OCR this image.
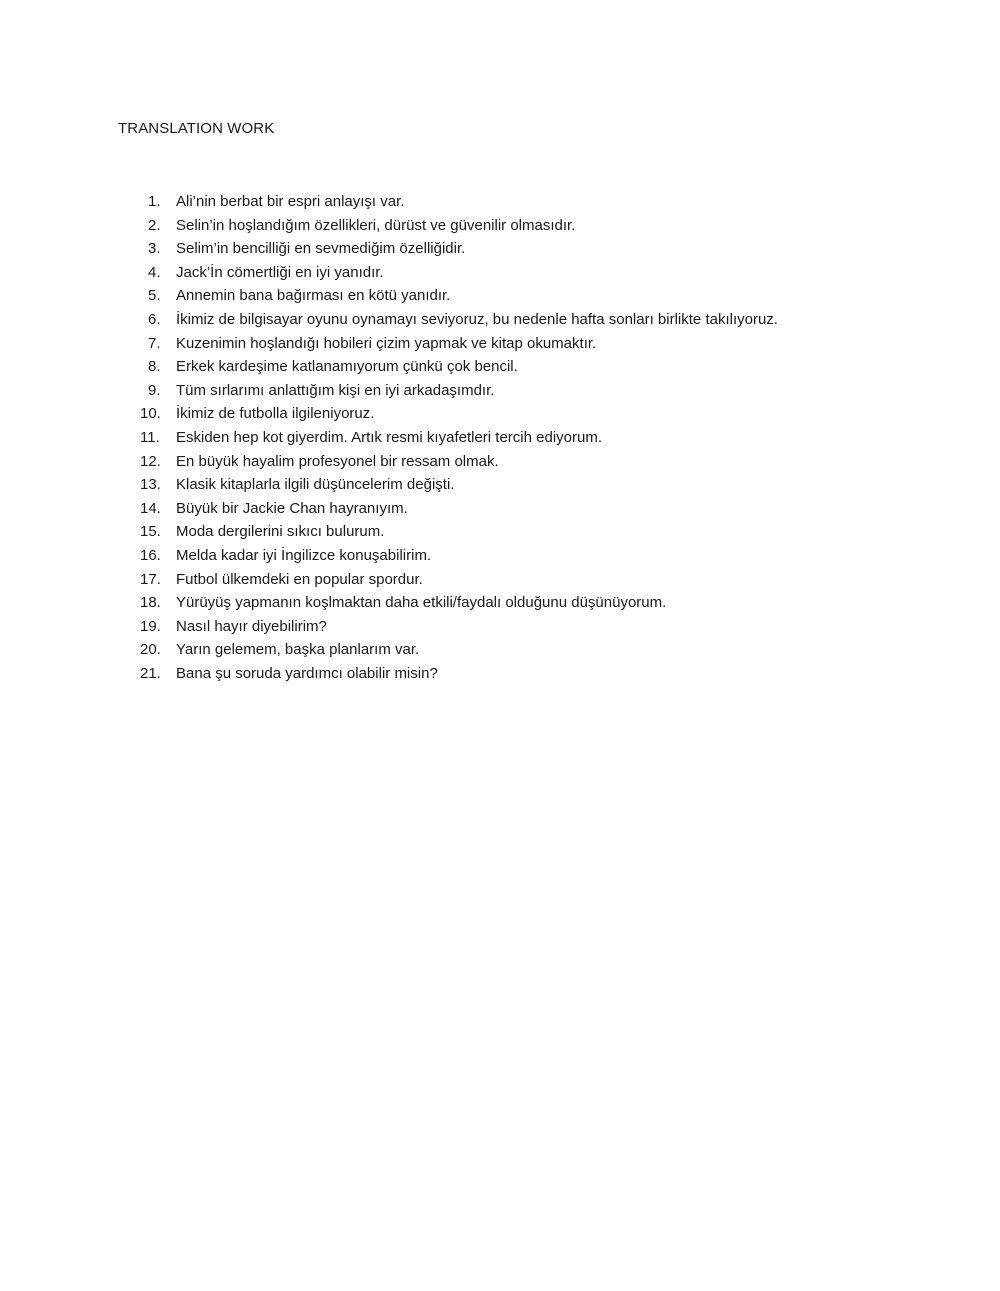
TRANSLATION WORK
1.	Ali’nin berbat bir espri anlayışı var.
2.	Selin’in hoşlandığım özellikleri, dürüst ve güvenilir olmasıdır.
3.	Selim’in bencilliği en sevmediğim özelliğidir.
4.	Jack’İn cömertliği en iyi yanıdır.
5.	Annemin bana bağırması en kötü yanıdır.
6.	İkimiz de bilgisayar oyunu oynamayı seviyoruz, bu nedenle hafta sonları birlikte takılıyoruz.
7.	Kuzenimin hoşlandığı hobileri çizim yapmak ve kitap okumaktır.
8.	Erkek kardeşime katlanamıyorum çünkü çok bencil.
9.	Tüm sırlarımı anlattığım kişi en iyi arkadaşımdır.
10.	İkimiz de futbolla ilgileniyoruz.
11.	Eskiden hep kot giyerdim. Artık resmi kıyafetleri tercih ediyorum.
12.	En büyük hayalim profesyonel bir ressam olmak.
13.	Klasik kitaplarla ilgili düşüncelerim değişti.
14.	Büyük bir Jackie Chan hayranıyım.
15.	Moda dergilerini sıkıcı bulurum.
16.	Melda kadar iyi İngilizce konuşabilirim.
17.	Futbol ülkemdeki en popular spordur.
18.	Yürüyüş yapmanın koşlmaktan daha etkili/faydalı olduğunu düşünüyorum.
19.	Nasıl hayır diyebilirim?
20.	Yarın gelemem, başka planlarım var.
21.	Bana şu soruda yardımcı olabilir misin?
